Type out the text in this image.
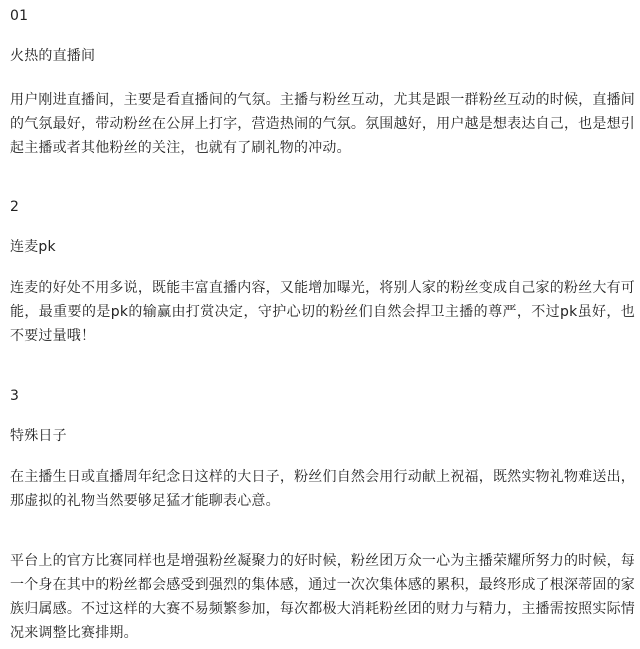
01
火热的直播间

用户刚进直播间，主要是看直播间的气氛。主播与粉丝互动，尤其是跟一群粉丝互动的时候，直播间的气氛最好，带动粉丝在公屏上打字，营造热闹的气氛。氛围越好，用户越是想表达自己，也是想引起主播或者其他粉丝的关注，也就有了刷礼物的冲动。

2
连麦pk

连麦的好处不用多说，既能丰富直播内容，又能增加曝光，将别人家的粉丝变成自己家的粉丝大有可能，最重要的是pk的输赢由打赏决定，守护心切的粉丝们自然会捍卫主播的尊严，不过pk虽好，也不要过量哦！

3
特殊日子

在主播生日或直播周年纪念日这样的大日子，粉丝们自然会用行动献上祝福，既然实物礼物难送出，那虚拟的礼物当然要够足猛才能聊表心意。

平台上的官方比赛同样也是增强粉丝凝聚力的好时候，粉丝团万众一心为主播荣耀所努力的时候，每一个身在其中的粉丝都会感受到强烈的集体感，通过一次次集体感的累积，最终形成了根深蒂固的家族归属感。不过这样的大赛不易频繁参加，每次都极大消耗粉丝团的财力与精力，主播需按照实际情况来调整比赛排期。
